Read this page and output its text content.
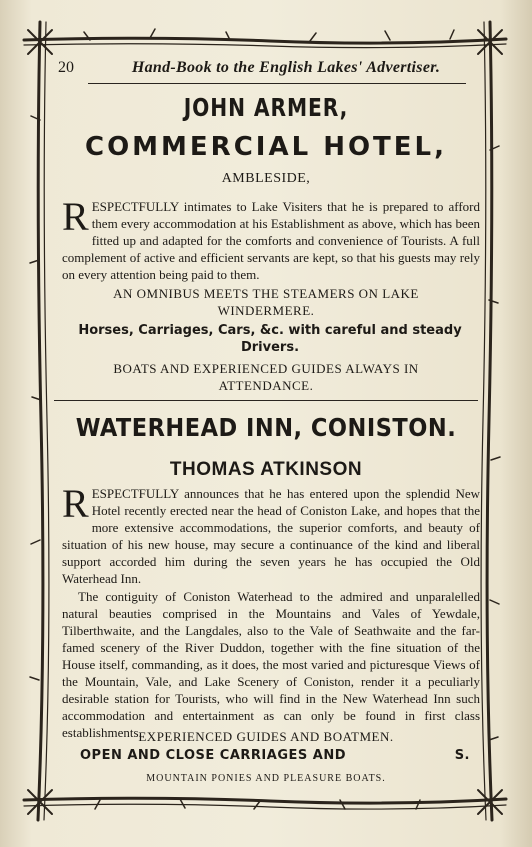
20	Hand-Book to the English Lakes' Advertiser.
JOHN ARMER,
COMMERCIAL HOTEL,
AMBLESIDE,
RESPECTFULLY intimates to Lake Visiters that he is prepared to afford them every accommodation at his Establishment as above, which has been fitted up and adapted for the comforts and convenience of Tourists. A full complement of active and efficient servants are kept, so that his guests may rely on every attention being paid to them.
AN OMNIBUS MEETS THE STEAMERS ON LAKE WINDERMERE.
Horses, Carriages, Cars, &c. with careful and steady Drivers.
BOATS AND EXPERIENCED GUIDES ALWAYS IN ATTENDANCE.
WATERHEAD INN, CONISTON.
THOMAS ATKINSON
RESPECTFULLY announces that he has entered upon the splendid New Hotel recently erected near the head of Coniston Lake, and hopes that the more extensive accommodations, the superior comforts, and beauty of situation of his new house, may secure a continuance of the kind and liberal support accorded him during the seven years he has occupied the Old Waterhead Inn.
The contiguity of Coniston Waterhead to the admired and unparalelled natural beauties comprised in the Mountains and Vales of Yewdale, Tilberthwaite, and the Langdales, also to the Vale of Seathwaite and the far-famed scenery of the River Duddon, together with the fine situation of the House itself, commanding, as it does, the most varied and picturesque Views of the Mountain, Vale, and Lake Scenery of Coniston, render it a peculiarly desirable station for Tourists, who will find in the New Waterhead Inn such accommodation and entertainment as can only be found in first class establishments.
EXPERIENCED GUIDES AND BOATMEN.
OPEN AND CLOSE CARRIAGES AND	S.
MOUNTAIN PONIES AND PLEASURE BOATS.
